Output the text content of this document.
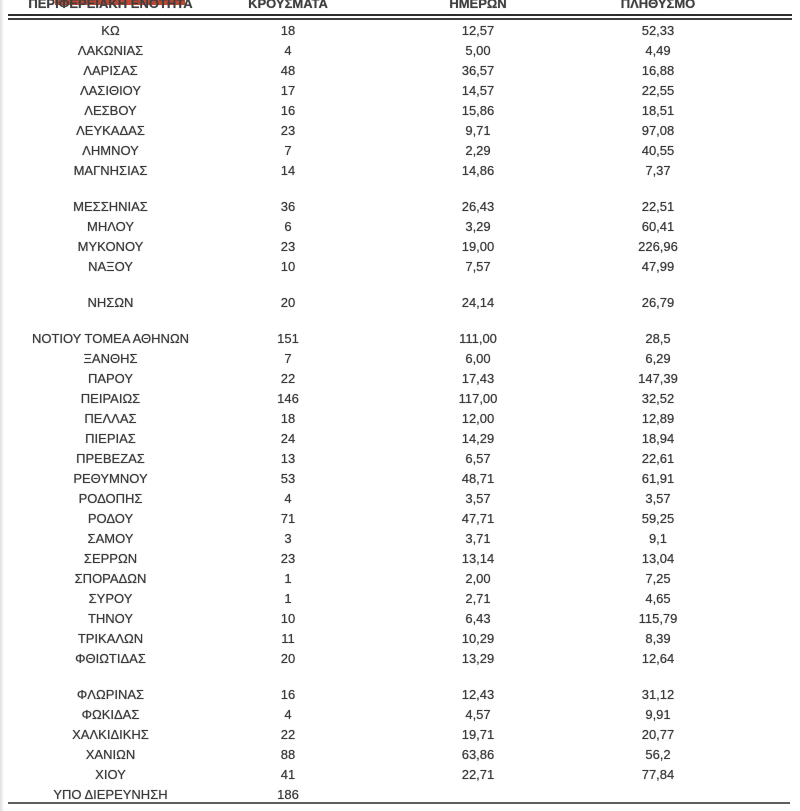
ΠΕΡΙΦΕΡΕΙΑΚΗ ΕΝΟΤΗΤΑ	ΚΡΟΥΣΜΑΤΑ	ΗΜΕΡΩΝ	ΠΛΗΘΥΣΜΟ
ΚΩ	18	12,57	52,33
ΛΑΚΩΝΙΑΣ	4	5,00	4,49
ΛΑΡΙΣΑΣ	48	36,57	16,88
ΛΑΣΙΘΙΟΥ	17	14,57	22,55
ΛΕΣΒΟΥ	16	15,86	18,51
ΛΕΥΚΑΔΑΣ	23	9,71	97,08
ΛΗΜΝΟΥ	7	2,29	40,55
ΜΑΓΝΗΣΙΑΣ	14	14,86	7,37
ΜΕΣΣΗΝΙΑΣ	36	26,43	22,51
ΜΗΛΟΥ	6	3,29	60,41
ΜΥΚΟΝΟΥ	23	19,00	226,96
ΝΑΞΟΥ	10	7,57	47,99
ΝΗΣΩΝ	20	24,14	26,79
ΝΟΤΙΟΥ ΤΟΜΕΑ ΑΘΗΝΩΝ	151	111,00	28,5
ΞΑΝΘΗΣ	7	6,00	6,29
ΠΑΡΟΥ	22	17,43	147,39
ΠΕΙΡΑΙΩΣ	146	117,00	32,52
ΠΕΛΛΑΣ	18	12,00	12,89
ΠΙΕΡΙΑΣ	24	14,29	18,94
ΠΡΕΒΕΖΑΣ	13	6,57	22,61
ΡΕΘΥΜΝΟΥ	53	48,71	61,91
ΡΟΔΟΠΗΣ	4	3,57	3,57
ΡΟΔΟΥ	71	47,71	59,25
ΣΑΜΟΥ	3	3,71	9,1
ΣΕΡΡΩΝ	23	13,14	13,04
ΣΠΟΡΑΔΩΝ	1	2,00	7,25
ΣΥΡΟΥ	1	2,71	4,65
ΤΗΝΟΥ	10	6,43	115,79
ΤΡΙΚΑΛΩΝ	11	10,29	8,39
ΦΘΙΩΤΙΔΑΣ	20	13,29	12,64
ΦΛΩΡΙΝΑΣ	16	12,43	31,12
ΦΩΚΙΔΑΣ	4	4,57	9,91
ΧΑΛΚΙΔΙΚΗΣ	22	19,71	20,77
ΧΑΝΙΩΝ	88	63,86	56,2
ΧΙΟΥ	41	22,71	77,84
ΥΠΟ ΔΙΕΡΕΥΝΗΣΗ	186
